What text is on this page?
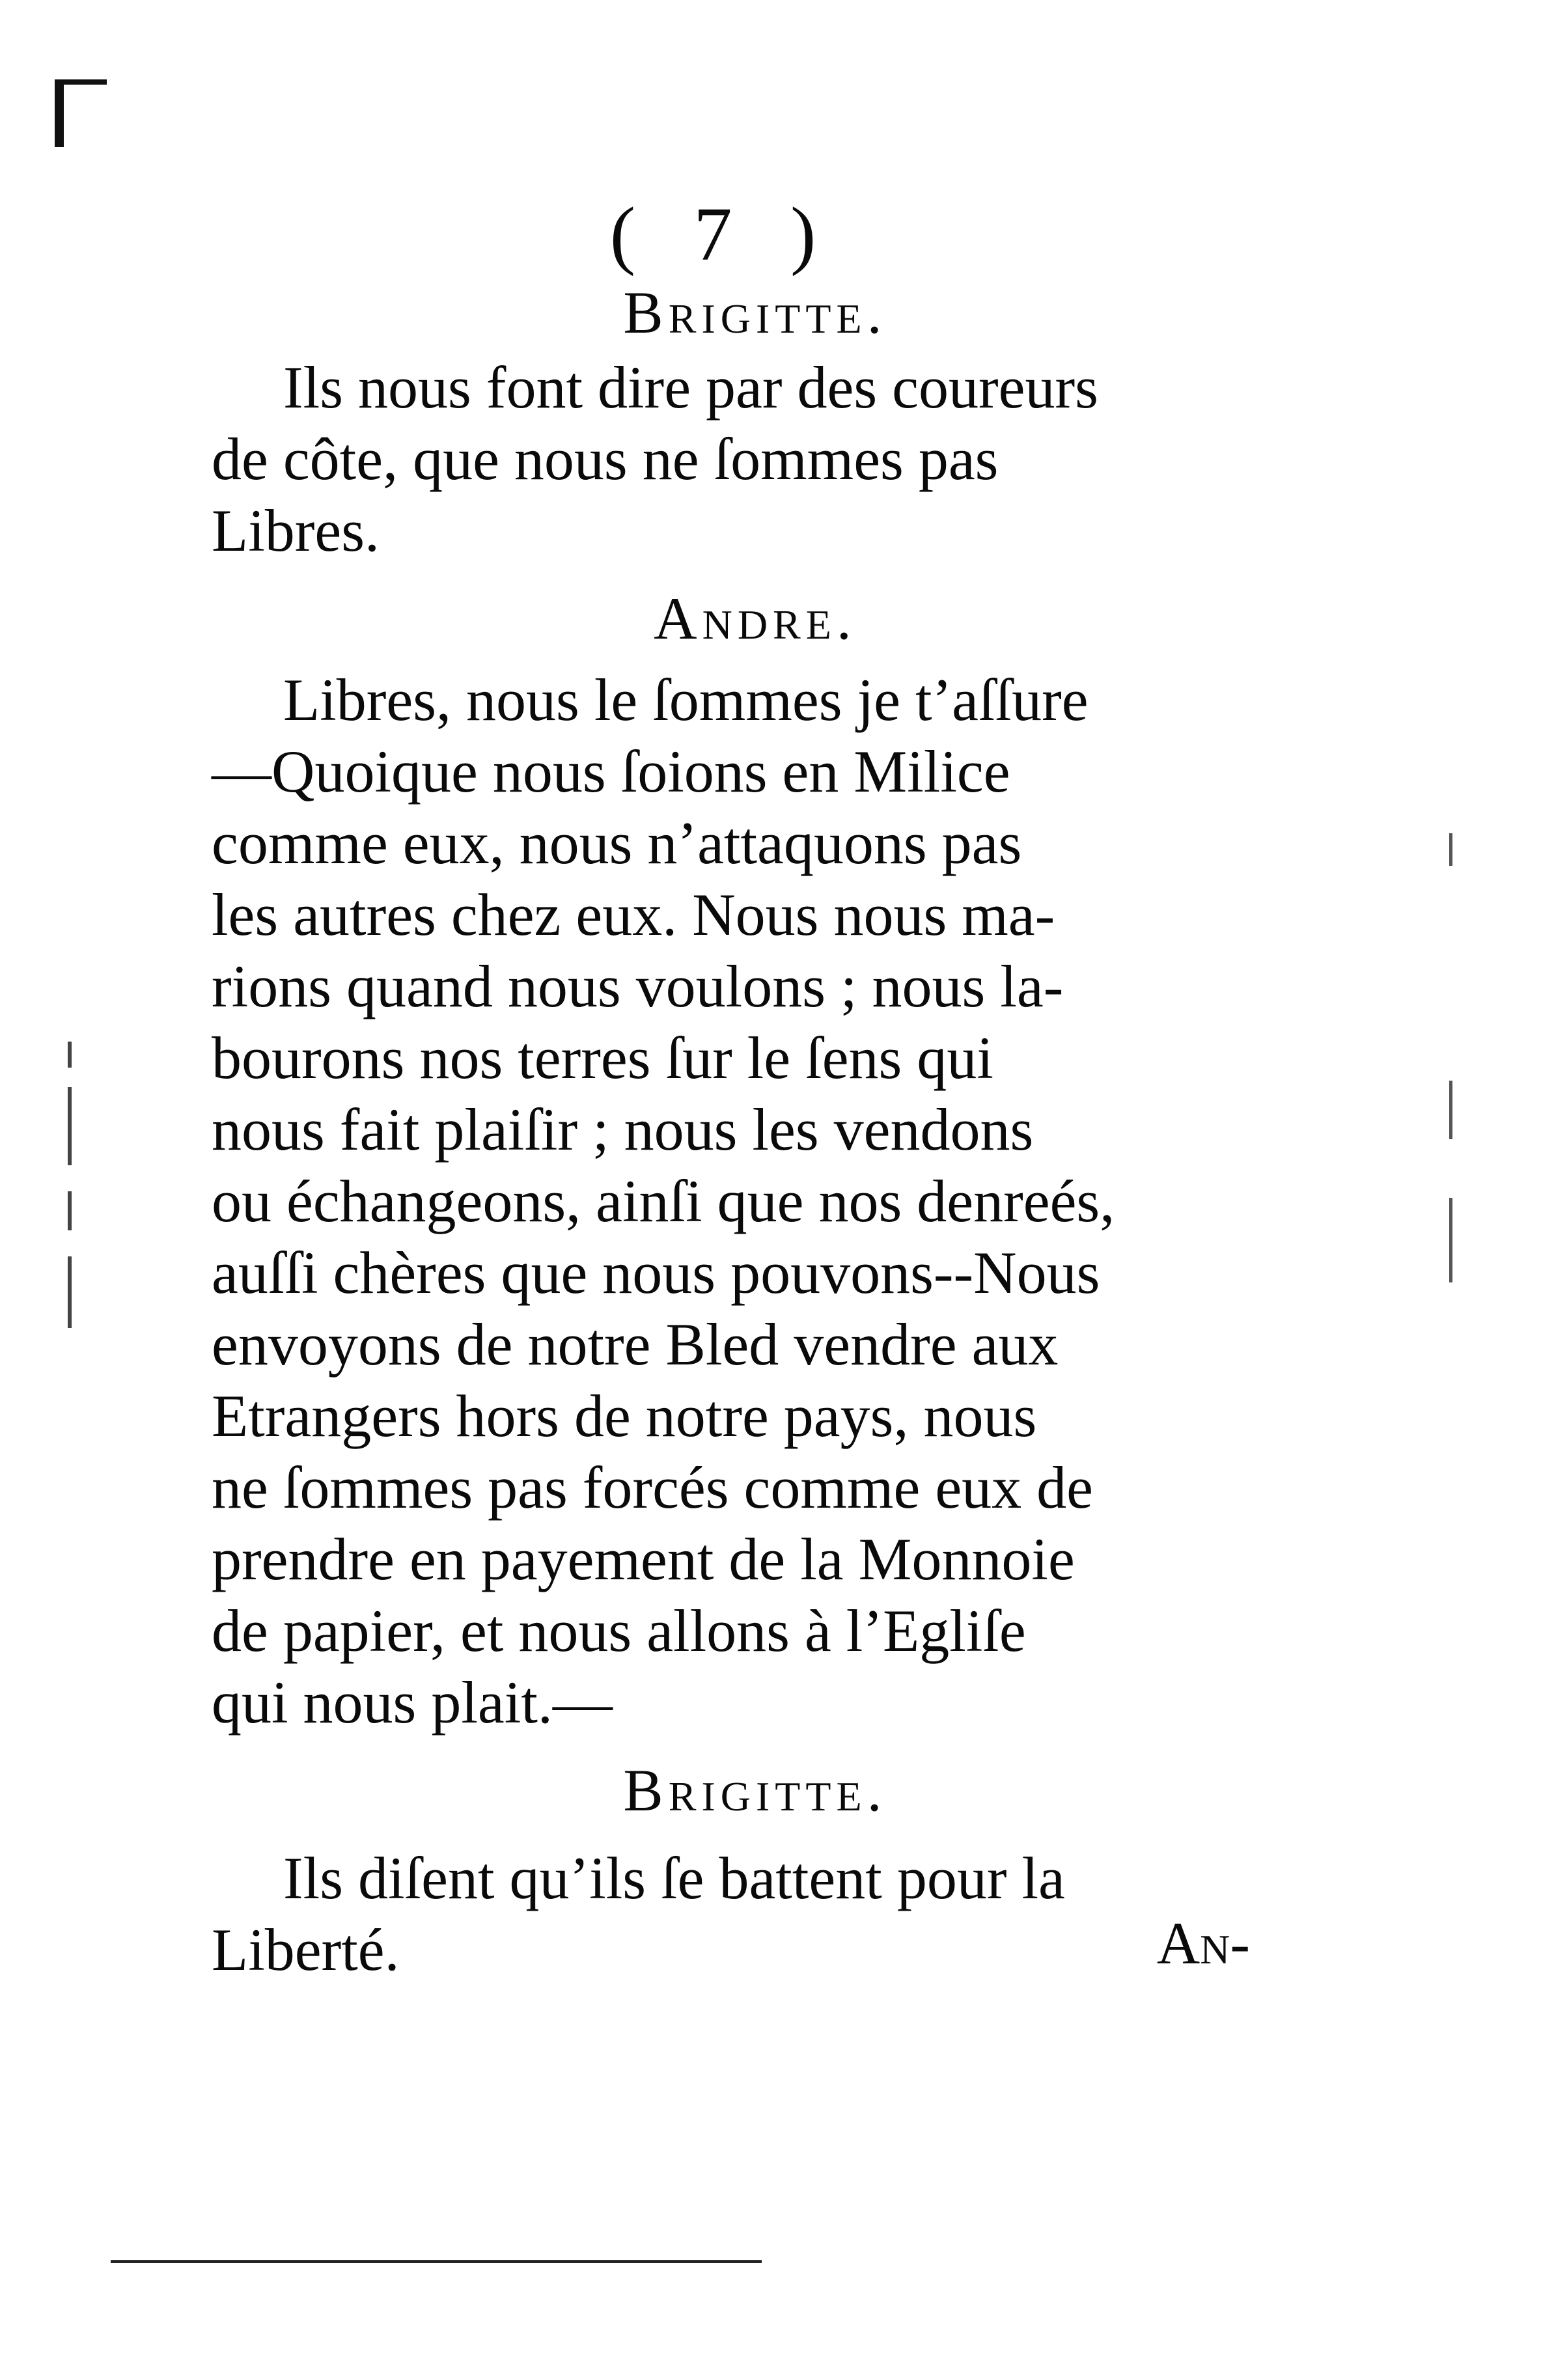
( 7 )
Brigitte.

Ils nous font dire par des coureurs

de côte, que nous ne ſommes pas

Libres.

Andre.

Libres, nous le ſommes je t’aſſure

—Quoique nous ſoions en Milice

comme eux, nous n’attaquons pas

les autres chez eux. Nous nous ma-

rions quand nous voulons ; nous la-

bourons nos terres ſur le ſens qui

nous fait plaiſir ; nous les vendons

ou échangeons, ainſi que nos denreés,

auſſi chères que nous pouvons--Nous

envoyons de notre Bled vendre aux

Etrangers hors de notre pays, nous

ne ſommes pas forcés comme eux de

prendre en payement de la Monnoie

de papier, et nous allons à l’Egliſe

qui nous plait.—

Brigitte.

Ils diſent qu’ils ſe battent pour la

Liberté.	An-
